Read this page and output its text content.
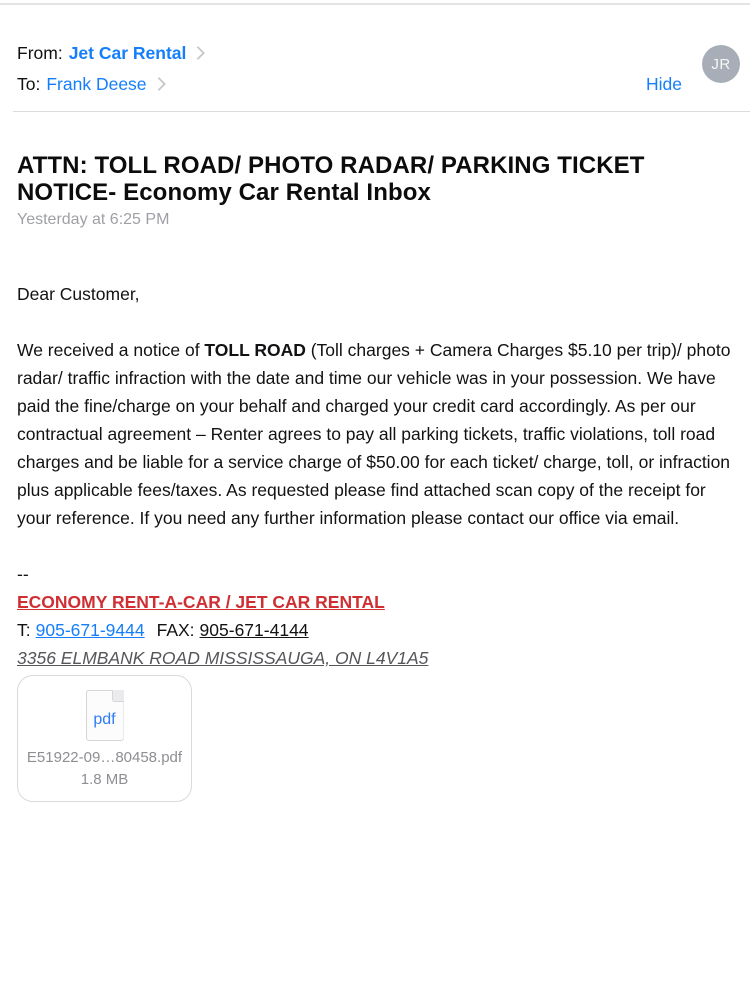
From: Jet Car Rental
To: Frank Deese	Hide
JR
ATTN: TOLL ROAD/ PHOTO RADAR/ PARKING TICKET NOTICE- Economy Car Rental Inbox
Yesterday at 6:25 PM
Dear Customer,

We received a notice of TOLL ROAD (Toll charges + Camera Charges $5.10 per trip)/ photo radar/ traffic infraction with the date and time our vehicle was in your possession. We have paid the fine/charge on your behalf and charged your credit card accordingly. As per our contractual agreement – Renter agrees to pay all parking tickets, traffic violations, toll road charges and be liable for a service charge of $50.00 for each ticket/ charge, toll, or infraction plus applicable fees/taxes. As requested please find attached scan copy of the receipt for your reference. If you need any further information please contact our office via email.

--
ECONOMY RENT-A-CAR / JET CAR RENTAL
T: 905-671-9444 FAX: 905-671-4144
3356 ELMBANK ROAD MISSISSAUGA, ON L4V1A5
pdf
E51922-09…80458.pdf
1.8 MB
